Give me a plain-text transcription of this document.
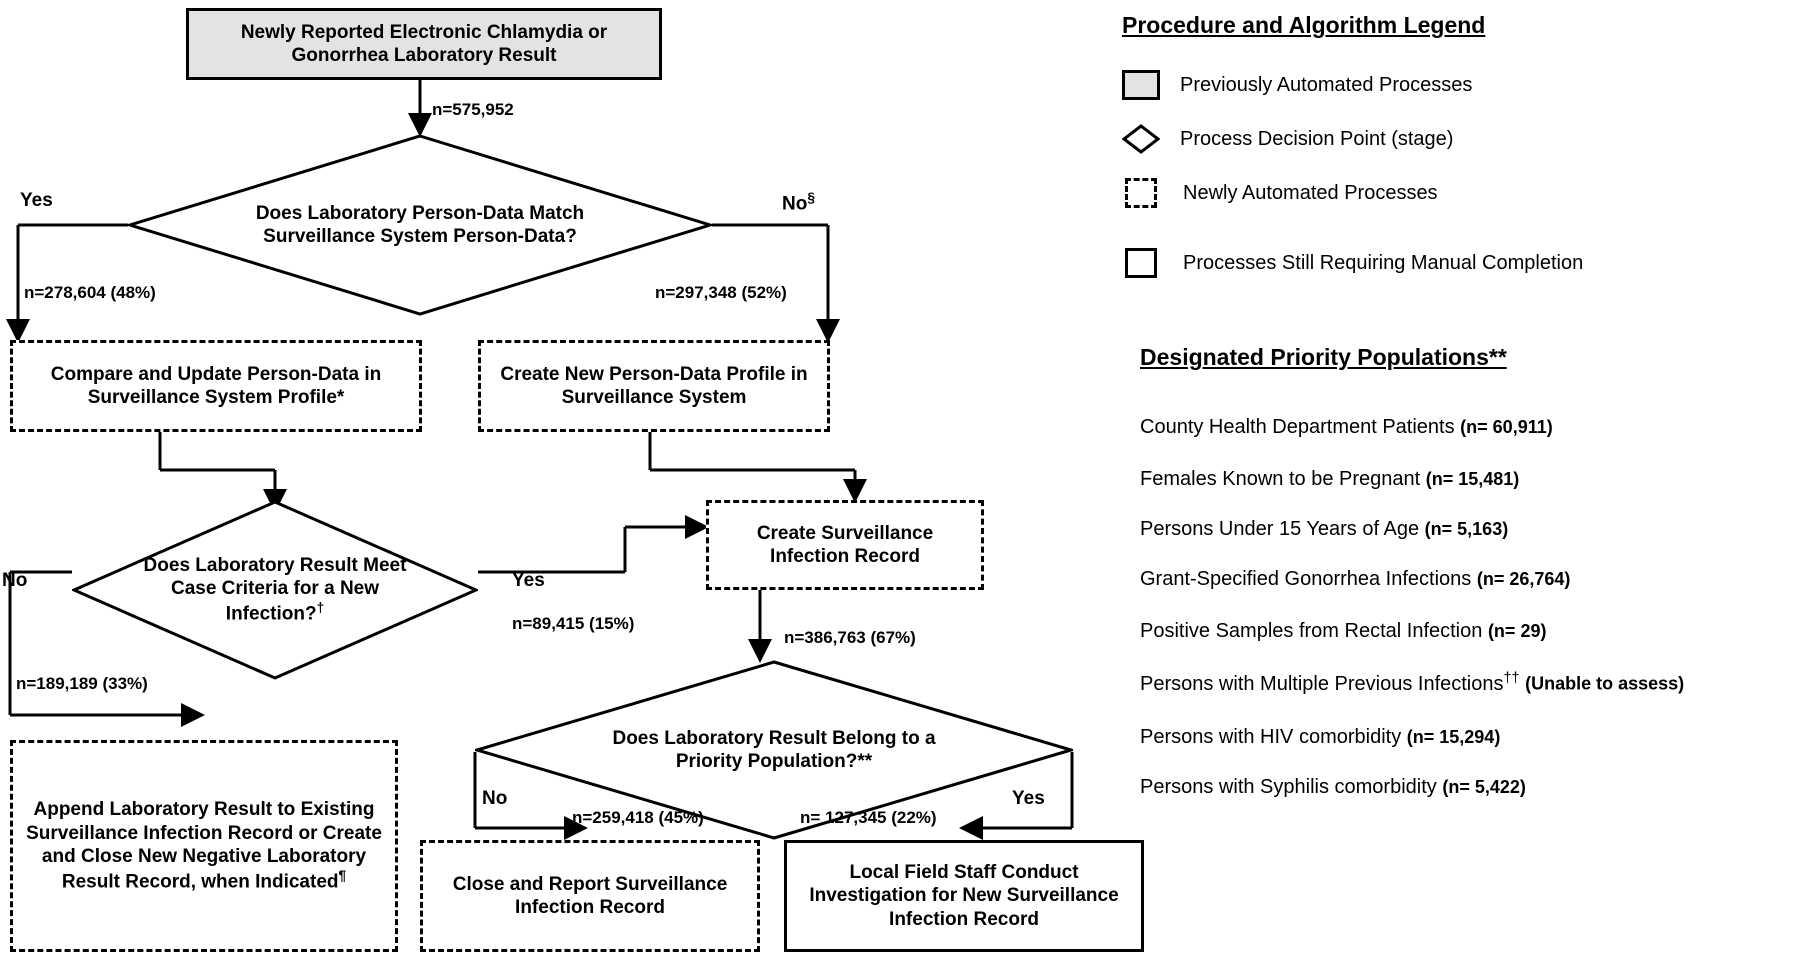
Newly Reported Electronic Chlamydia or Gonorrhea Laboratory Result
n=575,952
Does Laboratory Person-Data Match Surveillance System Person-Data?
Yes	No§
n=278,604 (48%)	n=297,348 (52%)
Compare and Update Person-Data in Surveillance System Profile*
Create New Person-Data Profile in Surveillance System
Does Laboratory Result Meet Case Criteria for a New Infection?†
No	Yes
n=189,189 (33%)
n=89,415 (15%)
Create Surveillance Infection Record
n=386,763 (67%)
Append Laboratory Result to Existing Surveillance Infection Record or Create and Close New Negative Laboratory Result Record, when Indicated¶
Does Laboratory Result Belong to a Priority Population?**
No	Yes
n=259,418 (45%)	n= 127,345 (22%)
Close and Report Surveillance Infection Record
Local Field Staff Conduct Investigation for New Surveillance Infection Record
Procedure and Algorithm Legend
Previously Automated Processes
Process Decision Point (stage)
Newly Automated Processes
Processes Still Requiring Manual Completion
Designated Priority Populations**
County Health Department Patients (n= 60,911)
Females Known to be Pregnant (n= 15,481)
Persons Under 15 Years of Age (n= 5,163)
Grant-Specified Gonorrhea Infections (n= 26,764)
Positive Samples from Rectal Infection (n= 29)
Persons with Multiple Previous Infections†† (Unable to assess)
Persons with HIV comorbidity (n= 15,294)
Persons with Syphilis comorbidity (n= 5,422)
